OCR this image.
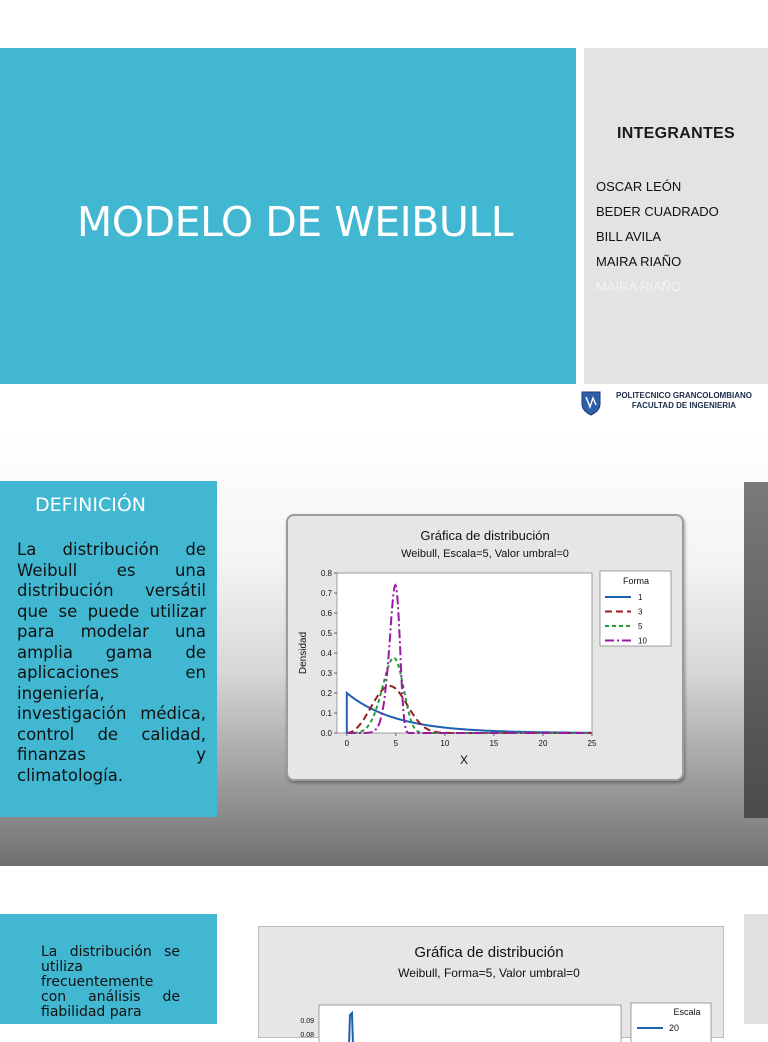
MODELO DE WEIBULL
INTEGRANTES
OSCAR LEÓN
BEDER CUADRADO
BILL AVILA
MAIRA RIAÑO
MAIRA RIAÑO
POLITECNICO GRANCOLOMBIANO
FACULTAD DE INGENIERIA
DEFINICIÓN

La distribución de Weibull es una distribución versátil que se puede utilizar para modelar una amplia gama de aplicaciones en ingeniería, investigación médica, control de calidad, finanzas y climatología.

Gráfica de distribución
Weibull, Escala=5, Valor umbral=0
0.0
0.1
0.2
0.3
0.4
0.5
0.6
0.7
0.8
0	5	10	15	20	25
X
Densidad
Forma
1
3
5
10

La distribución se utiliza frecuentemente con análisis de fiabilidad para

Gráfica de distribución
Weibull, Forma=5, Valor umbral=0
0.09
0.08
Escala
20
